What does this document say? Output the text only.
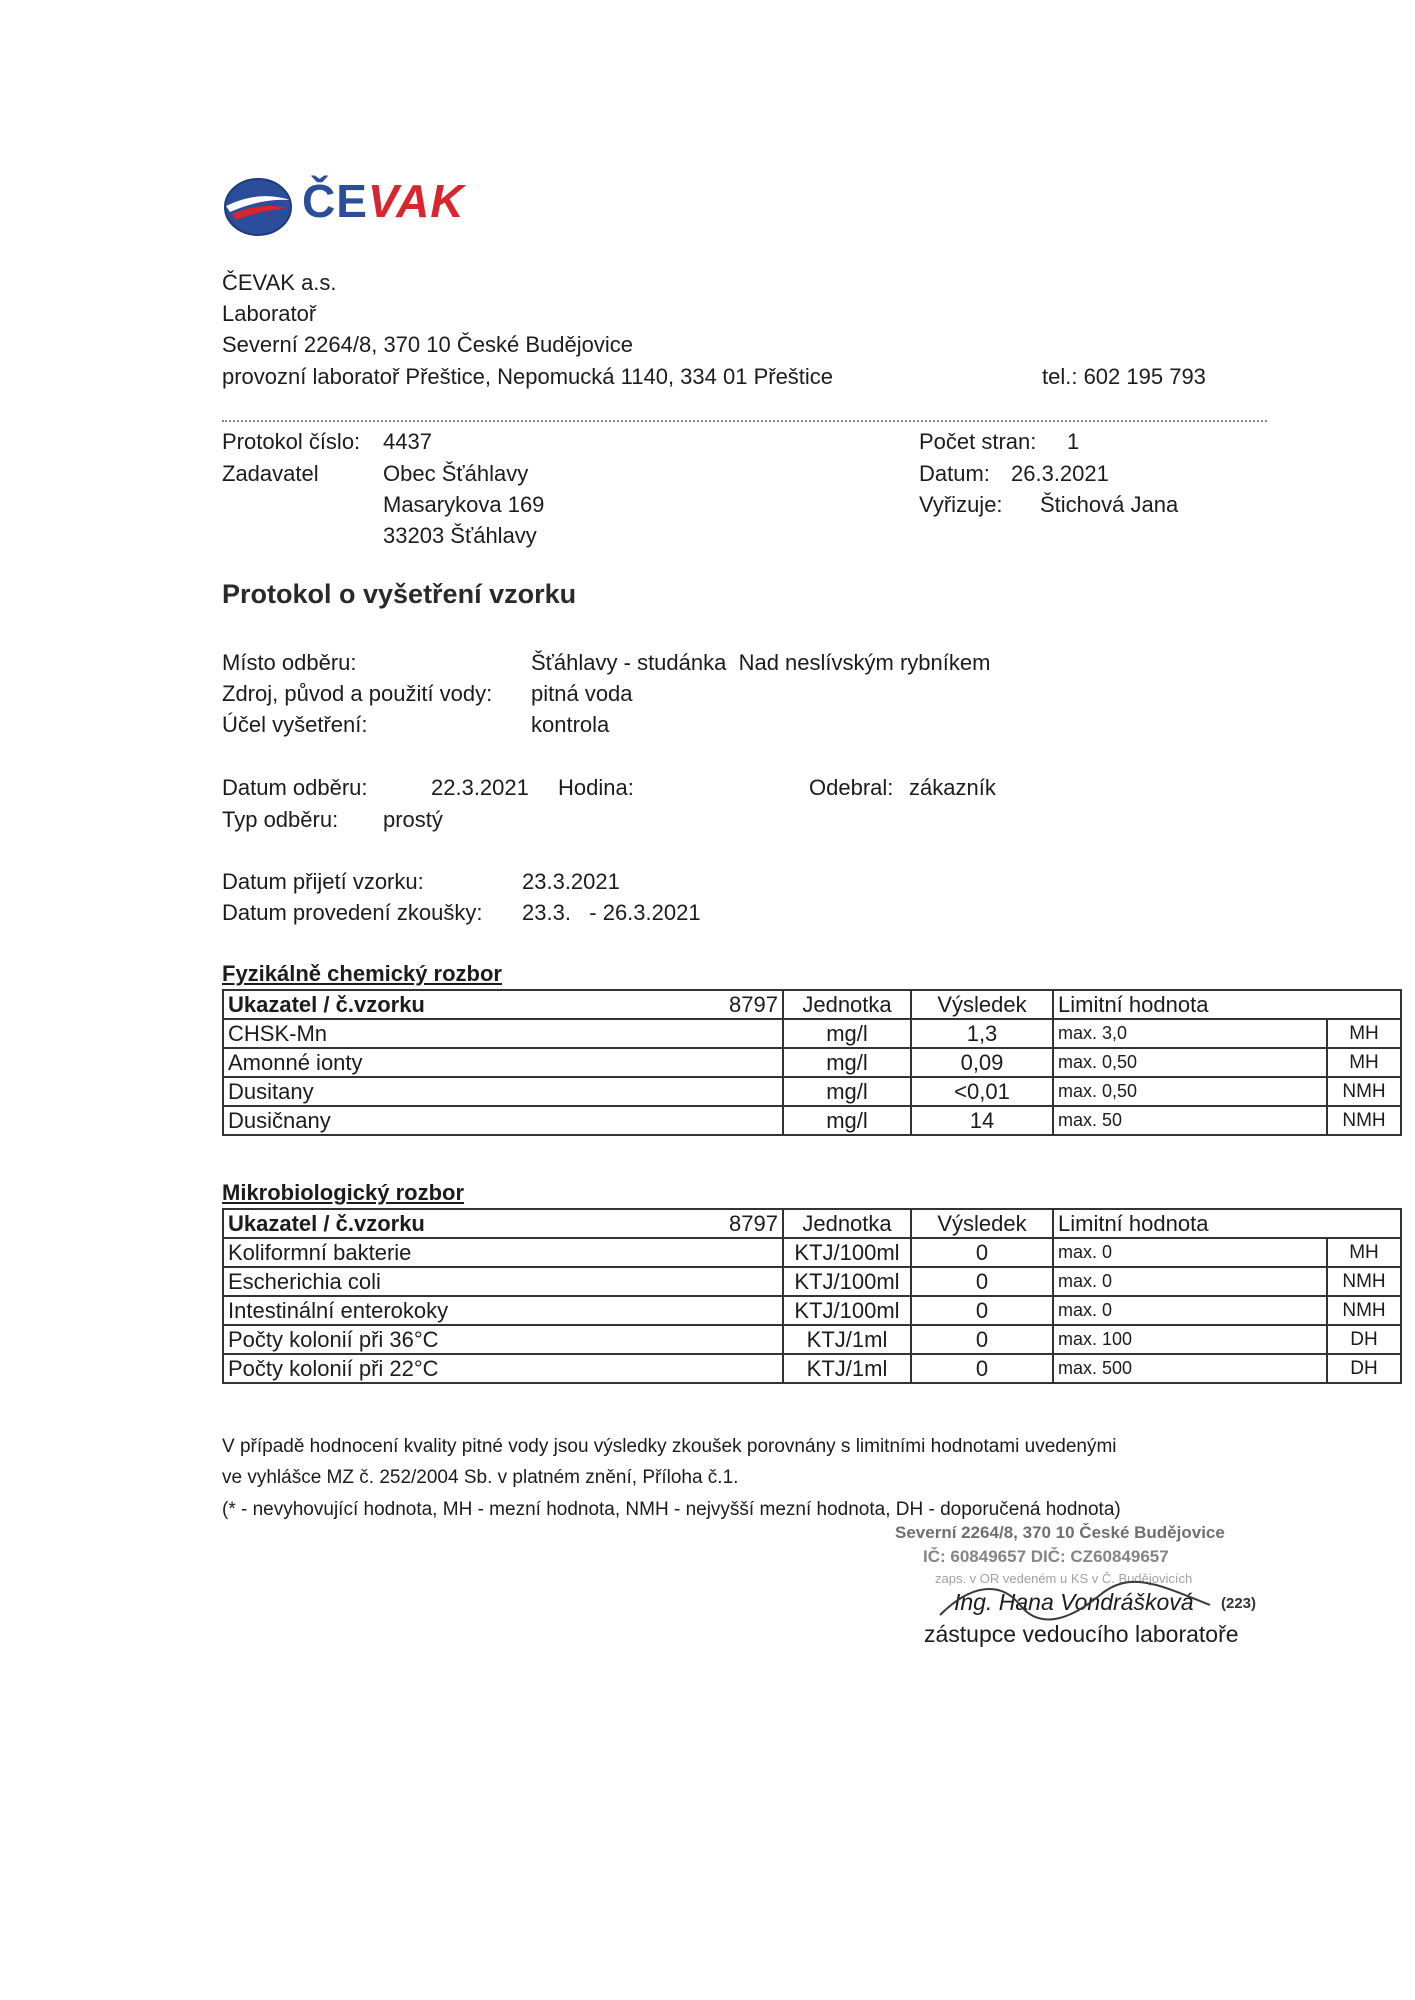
ČEVAK
ČEVAK a.s.
Laboratoř
Severní 2264/8, 370 10 České Budějovice
provozní laboratoř Přeštice, Nepomucká 1140, 334 01 Přeštice	tel.: 602 195 793
Protokol číslo: 4437
Zadavatel	Obec Šťáhlavy
Masarykova 169
33203 Šťáhlavy
Počet stran: 1
Datum: 26.3.2021
Vyřizuje: Štichová Jana
Protokol o vyšetření vzorku
Místo odběru:	Šťáhlavy - studánka  Nad neslívským rybníkem
Zdroj, původ a použití vody: pitná voda
Účel vyšetření:	kontrola
Datum odběru:	22.3.2021 Hodina:	Odebral: zákazník
Typ odběru: prostý
Datum přijetí vzorku:	23.3.2021
Datum provedení zkoušky: 23.3.   - 26.3.2021
Fyzikálně chemický rozbor
Ukazatel / č.vzorku	8797	Jednotka	Výsledek	Limitní hodnota	
CHSK-Mn		mg/l	1,3	max. 3,0	MH
Amonné ionty		mg/l	0,09	max. 0,50	MH
Dusitany		mg/l	<0,01	max. 0,50	NMH
Dusičnany		mg/l	14	max. 50	NMH
Mikrobiologický rozbor
Ukazatel / č.vzorku	8797	Jednotka	Výsledek	Limitní hodnota	
Koliformní bakterie		KTJ/100ml	0	max. 0	MH
Escherichia coli		KTJ/100ml	0	max. 0	NMH
Intestinální enterokoky		KTJ/100ml	0	max. 0	NMH
Počty kolonií při 36°C		KTJ/1ml	0	max. 100	DH
Počty kolonií při 22°C		KTJ/1ml	0	max. 500	DH
V případě hodnocení kvality pitné vody jsou výsledky zkoušek porovnány s limitními hodnotami uvedenými
ve vyhlášce MZ č. 252/2004 Sb. v platném znění, Příloha č.1.
(* - nevyhovující hodnota, MH - mezní hodnota, NMH - nejvyšší mezní hodnota, DH - doporučená hodnota)
Severní 2264/8, 370 10 České Budějovice
IČ: 60849657 DIČ: CZ60849657
zaps. v OR vedeném u KS v Č. Budějovicích
(223)
Ing. Hana Vondrášková
zástupce vedoucího laboratoře
